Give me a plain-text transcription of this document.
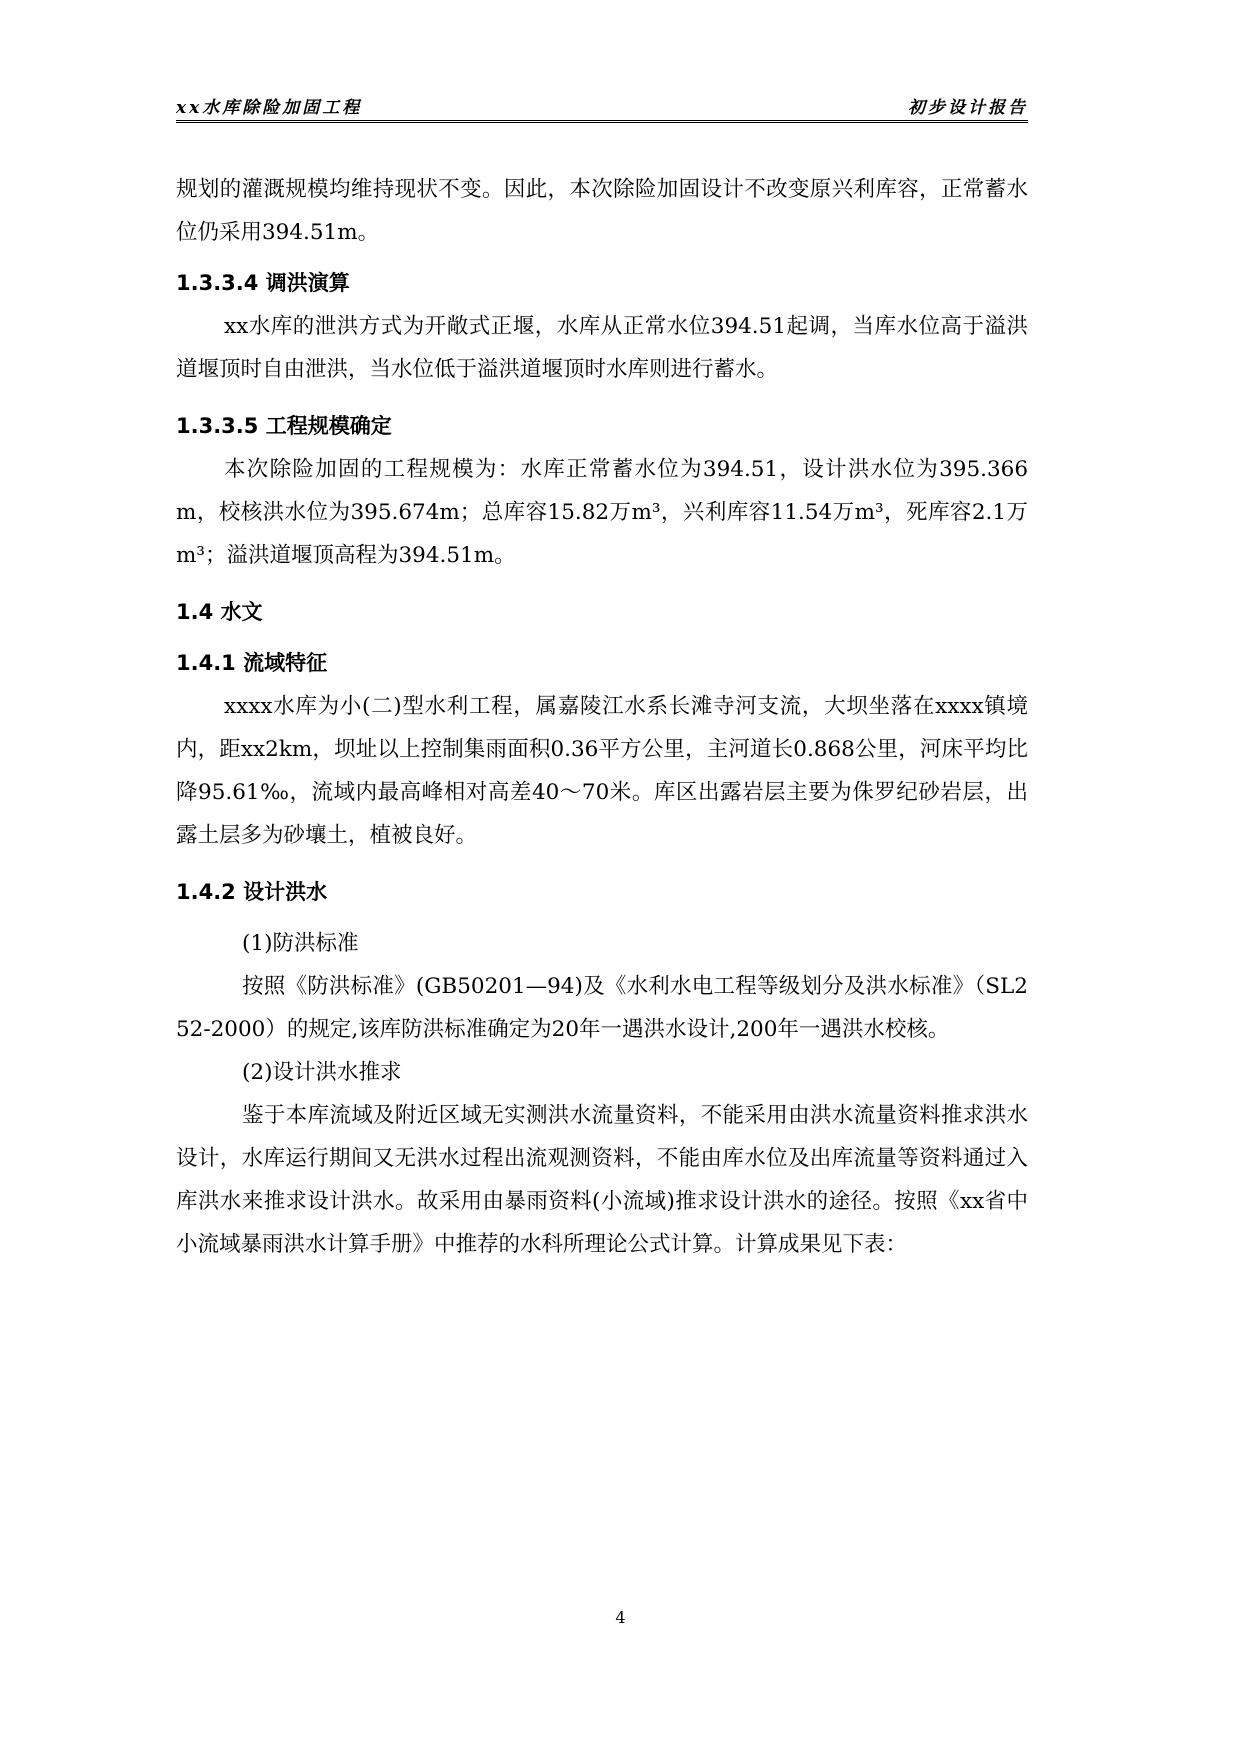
xx水库除险加固工程	初步设计报告

规划的灌溉规模均维持现状不变。因此，本次除险加固设计不改变原兴利库容，正常蓄水位仍采用394.51m。

1.3.3.4 调洪演算

xx水库的泄洪方式为开敞式正堰，水库从正常水位394.51起调，当库水位高于溢洪道堰顶时自由泄洪，当水位低于溢洪道堰顶时水库则进行蓄水。

1.3.3.5 工程规模确定

本次除险加固的工程规模为：水库正常蓄水位为394.51，设计洪水位为395.366m，校核洪水位为395.674m；总库容15.82万m³，兴利库容11.54万m³，死库容2.1万m³；溢洪道堰顶高程为394.51m。

1.4 水文

1.4.1 流域特征

xxxx水库为小(二)型水利工程，属嘉陵江水系长滩寺河支流，大坝坐落在xxxx镇境内，距xx2km，坝址以上控制集雨面积0.36平方公里，主河道长0.868公里，河床平均比降95.61‰，流域内最高峰相对高差40～70米。库区出露岩层主要为侏罗纪砂岩层，出露土层多为砂壤土，植被良好。

1.4.2 设计洪水

(1)防洪标准

按照《防洪标准》(GB50201—94)及《水利水电工程等级划分及洪水标准》（SL252-2000）的规定,该库防洪标准确定为20年一遇洪水设计,200年一遇洪水校核。

(2)设计洪水推求

鉴于本库流域及附近区域无实测洪水流量资料，不能采用由洪水流量资料推求洪水设计，水库运行期间又无洪水过程出流观测资料，不能由库水位及出库流量等资料通过入库洪水来推求设计洪水。故采用由暴雨资料(小流域)推求设计洪水的途径。按照《xx省中小流域暴雨洪水计算手册》中推荐的水科所理论公式计算。计算成果见下表：

4
